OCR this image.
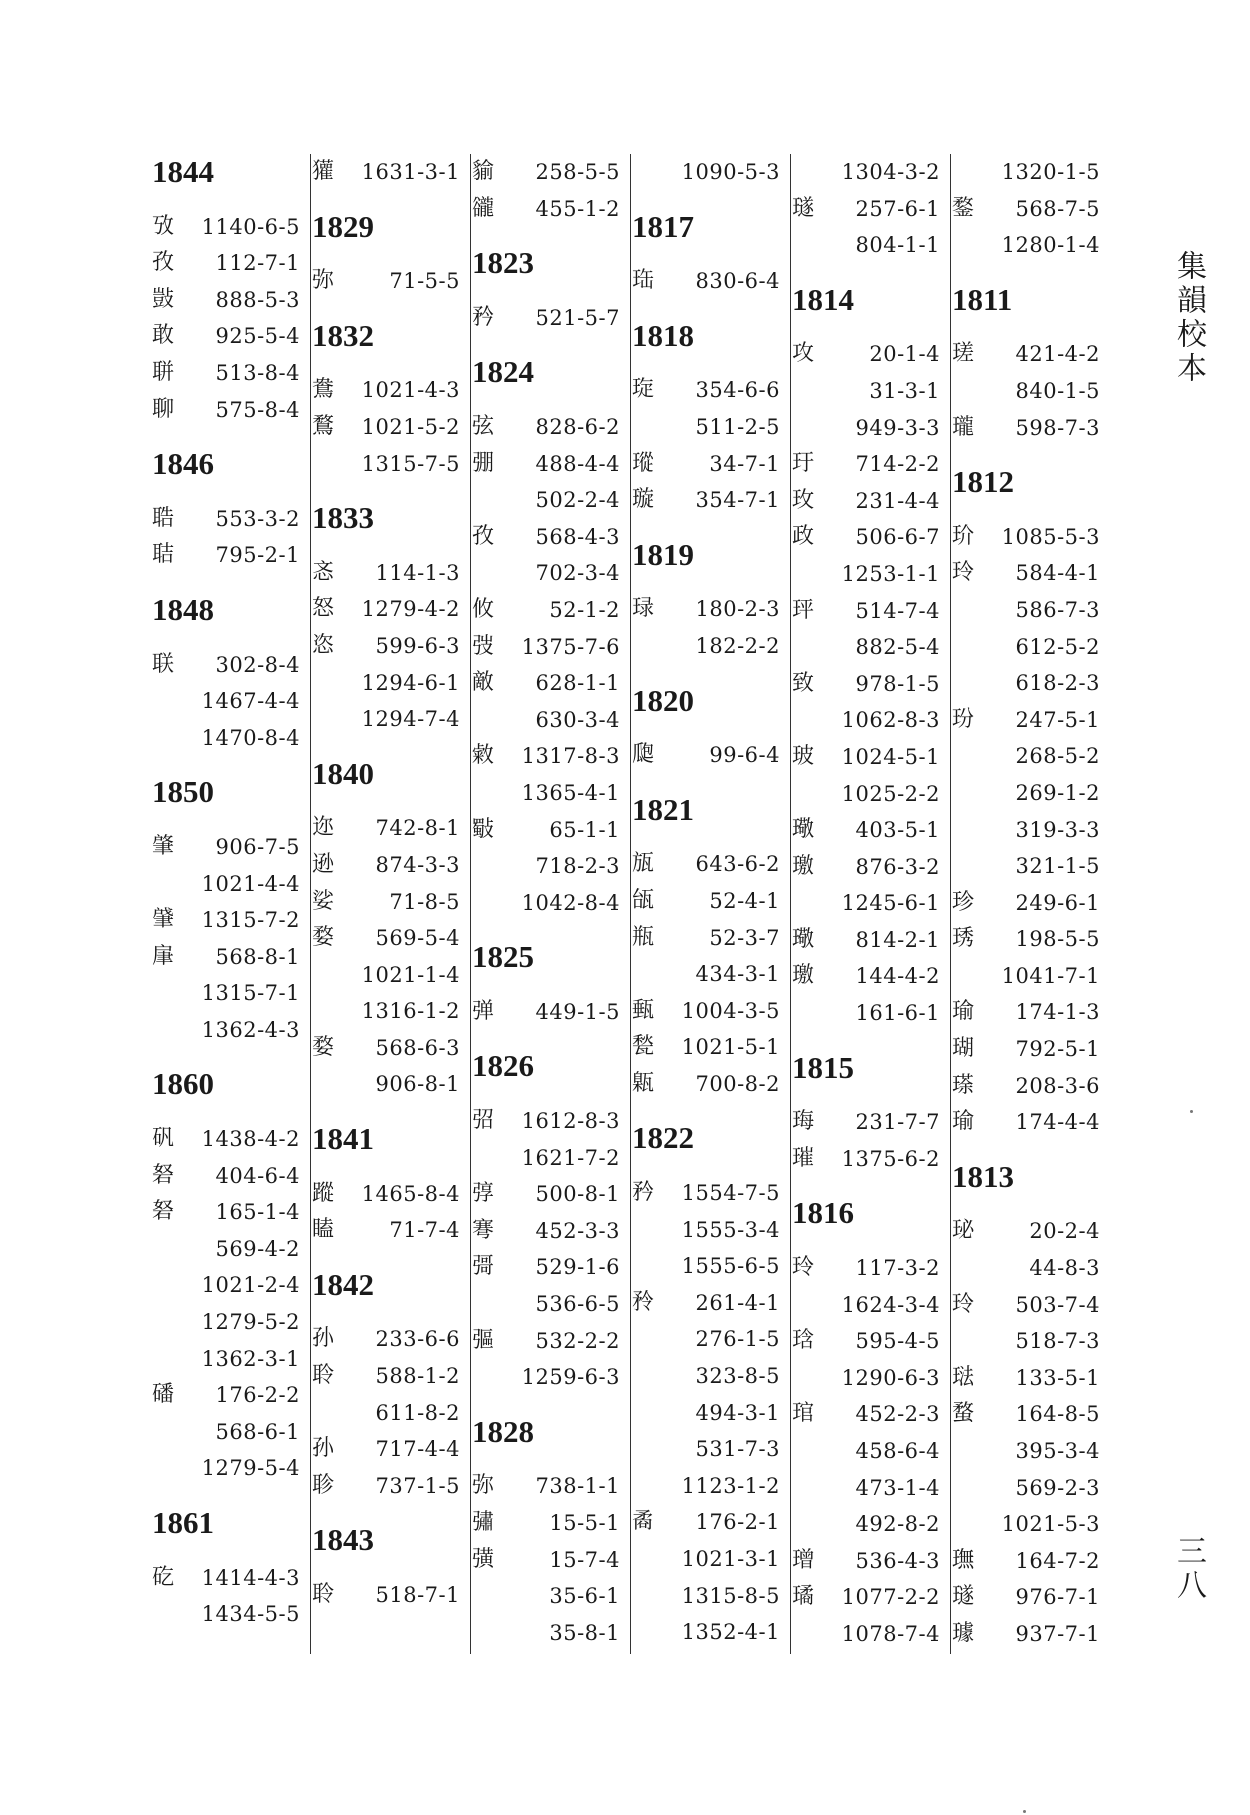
1844
攷 1140-6-5
孜 112-7-1
敱 888-5-3
敢 925-5-4
聠 513-8-4
聊 575-8-4
1846
聕 553-3-2
聐 795-2-1
1848
联 302-8-4
1467-4-4
1470-8-4
1850
肇 906-7-5
1021-4-4
肈 1315-7-2
肁 568-8-1
1315-7-1
1362-4-3
1860
矾 1438-4-2
砮 404-6-4
砮 165-1-4
569-4-2
1021-2-4
1279-5-2
1362-3-1
磻 176-2-2
568-6-1
1279-5-4
1861
矻 1414-4-3
1434-5-5
獾 1631-3-1
1829
弥	71-5-5
1832
鴦 1021-4-3
鶩 1021-5-2
1315-7-5
1833
忞 114-1-3
怒 1279-4-2
恣 599-6-3
1294-6-1
1294-7-4
1840
迩 742-8-1
逊 874-3-3
娑	71-8-5
婺 569-5-4
1021-1-4
1316-1-2
婺 568-6-3
906-8-1
1841
蹤 1465-8-4
瞌	71-7-4
1842
孙 233-6-6
聆 588-1-2
611-8-2
孙 717-4-4
聄 737-1-5
1843
聆 518-7-1
貐 258-5-5
豅 455-1-2
1823
矜 521-5-7
1824
弦 828-6-2
弸 488-4-4
502-2-4
孜 568-4-3
702-3-4
攸	52-1-2
弢 1375-7-6
敵 628-1-1
630-3-4
敹 1317-8-3
1365-4-1
斀	65-1-1
718-2-3
1042-8-4
1825
弹 449-1-5
1826
弨 1612-8-3
1621-7-2
弴 500-8-1
弿 452-3-3
彁 529-1-6
536-6-5
彄 532-2-2
1259-6-3
1828
弥 738-1-1
彇	15-5-1
彉	15-7-4
35-6-1
35-8-1
1090-5-3
1817
珤 830-6-4
1818
琁 354-6-6
511-2-5
瑽	34-7-1
璇 354-7-1
1819
琭 180-2-3
182-2-2
1820
瓟	99-6-4
1821
瓬 643-6-2
瓵	52-4-1
瓶	52-3-7
434-3-1
甀 1004-3-5
甃 1021-5-1
甈 700-8-2
1822
矜 1554-7-5
1555-3-4
1555-6-5
矝 261-4-1
276-1-5
323-8-5
494-3-1
531-7-3
1123-1-2
矞 176-2-1
1021-3-1
1315-8-5
1352-4-1
1304-3-2
璲 257-6-1
804-1-1
1814
攻	20-1-4
31-3-1
949-3-3
玗 714-2-2
玫 231-4-4
政 506-6-7
1253-1-1
玶 514-7-4
882-5-4
致 978-1-5
1062-8-3
玻 1024-5-1
1025-2-2
璥 403-5-1
璬 876-3-2
1245-6-1
璥 814-2-1
璬 144-4-2
161-6-1
1815
珻 231-7-7
璀 1375-6-2
1816
玲 117-3-2
1624-3-4
琀 595-4-5
1290-6-3
琯 452-2-3
458-6-4
473-1-4
492-8-2
璔 536-4-3
璚 1077-2-2
1078-7-4
1320-1-5
鍪 568-7-5
1280-1-4
1811
瑳 421-4-2
840-1-5
瓏 598-7-3
1812
玠 1085-5-3
玲 584-4-1
586-7-3
612-5-2
618-2-3
玢 247-5-1
268-5-2
269-1-2
319-3-3
321-1-5
珍 249-6-1
琇 198-5-5
1041-7-1
瑜 174-1-3
瑚 792-5-1
瑹 208-3-6
瑜 174-4-4
1813
珌	20-2-4
44-8-3
玲 503-7-4
518-7-3
琺 133-5-1
蝥 164-8-5
395-3-4
569-2-3
1021-5-3
璑 164-7-2
璲 976-7-1
璩 937-7-1
集韻校本
三八
